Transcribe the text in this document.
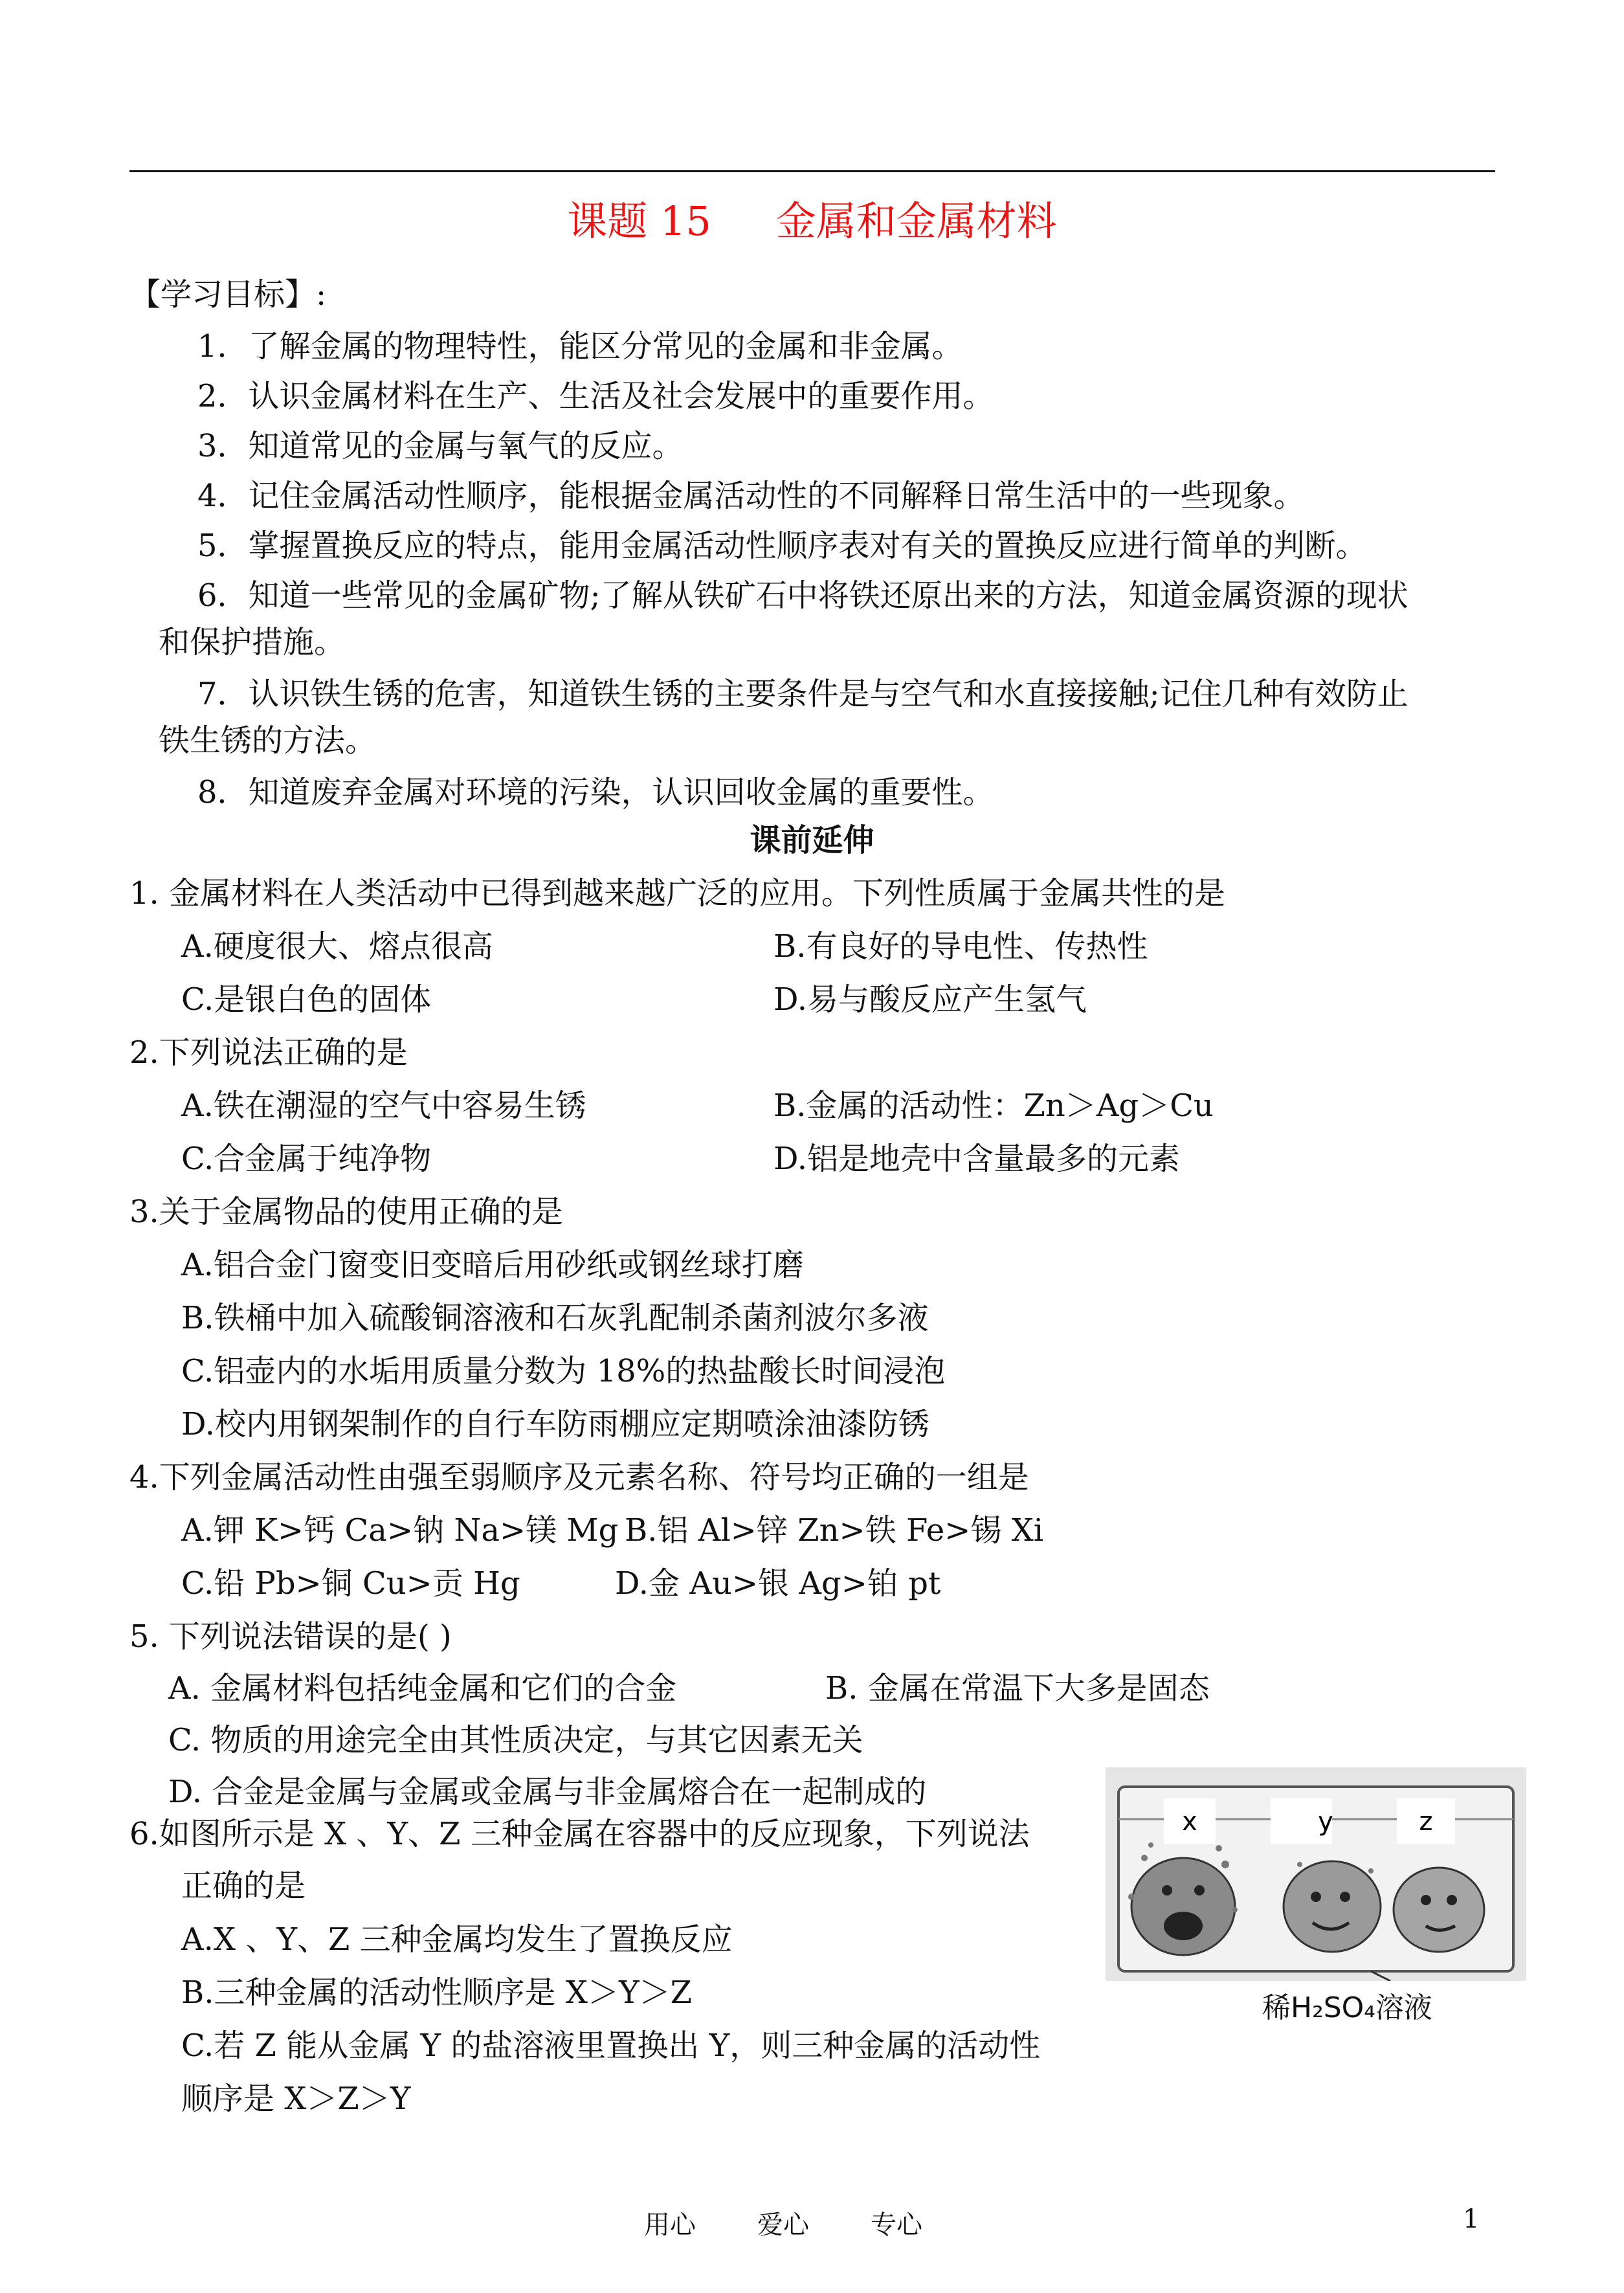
课题 15 金属和金属材料
【学习目标】:
1．了解金属的物理特性，能区分常见的金属和非金属。
2．认识金属材料在生产、生活及社会发展中的重要作用。
3．知道常见的金属与氧气的反应。
4．记住金属活动性顺序，能根据金属活动性的不同解释日常生活中的一些现象。
5．掌握置换反应的特点，能用金属活动性顺序表对有关的置换反应进行简单的判断。
6．知道一些常见的金属矿物;了解从铁矿石中将铁还原出来的方法，知道金属资源的现状
和保护措施。
7．认识铁生锈的危害，知道铁生锈的主要条件是与空气和水直接接触;记住几种有效防止
铁生锈的方法。
8．知道废弃金属对环境的污染，认识回收金属的重要性。
课前延伸
1. 金属材料在人类活动中已得到越来越广泛的应用。下列性质属于金属共性的是
A.硬度很大、熔点很高	B.有良好的导电性、传热性
C.是银白色的固体	D.易与酸反应产生氢气
2.下列说法正确的是
A.铁在潮湿的空气中容易生锈	B.金属的活动性：Zn＞Ag＞Cu
C.合金属于纯净物	D.铝是地壳中含量最多的元素
3.关于金属物品的使用正确的是
A.铝合金门窗变旧变暗后用砂纸或钢丝球打磨
B.铁桶中加入硫酸铜溶液和石灰乳配制杀菌剂波尔多液
C.铝壶内的水垢用质量分数为 18%的热盐酸长时间浸泡
D.校内用钢架制作的自行车防雨棚应定期喷涂油漆防锈
4.下列金属活动性由强至弱顺序及元素名称、符号均正确的一组是
A.钾 K>钙 Ca>钠 Na>镁 Mg B.铝 Al>锌 Zn>铁 Fe>锡 Xi
C.铅 Pb>铜 Cu>贡 Hg	D.金 Au>银 Ag>铂 pt
5. 下列说法错误的是( )
A. 金属材料包括纯金属和它们的合金	B. 金属在常温下大多是固态
C. 物质的用途完全由其性质决定，与其它因素无关
D. 合金是金属与金属或金属与非金属熔合在一起制成的
6.如图所示是 X 、Y、Z 三种金属在容器中的反应现象，下列说法
正确的是
A.X 、Y、Z 三种金属均发生了置换反应
B.三种金属的活动性顺序是 X＞Y＞Z
C.若 Z 能从金属 Y 的盐溶液里置换出 Y，则三种金属的活动性
顺序是 X＞Z＞Y
x	y	z
稀H₂SO₄溶液
用心 爱心 专心	1
